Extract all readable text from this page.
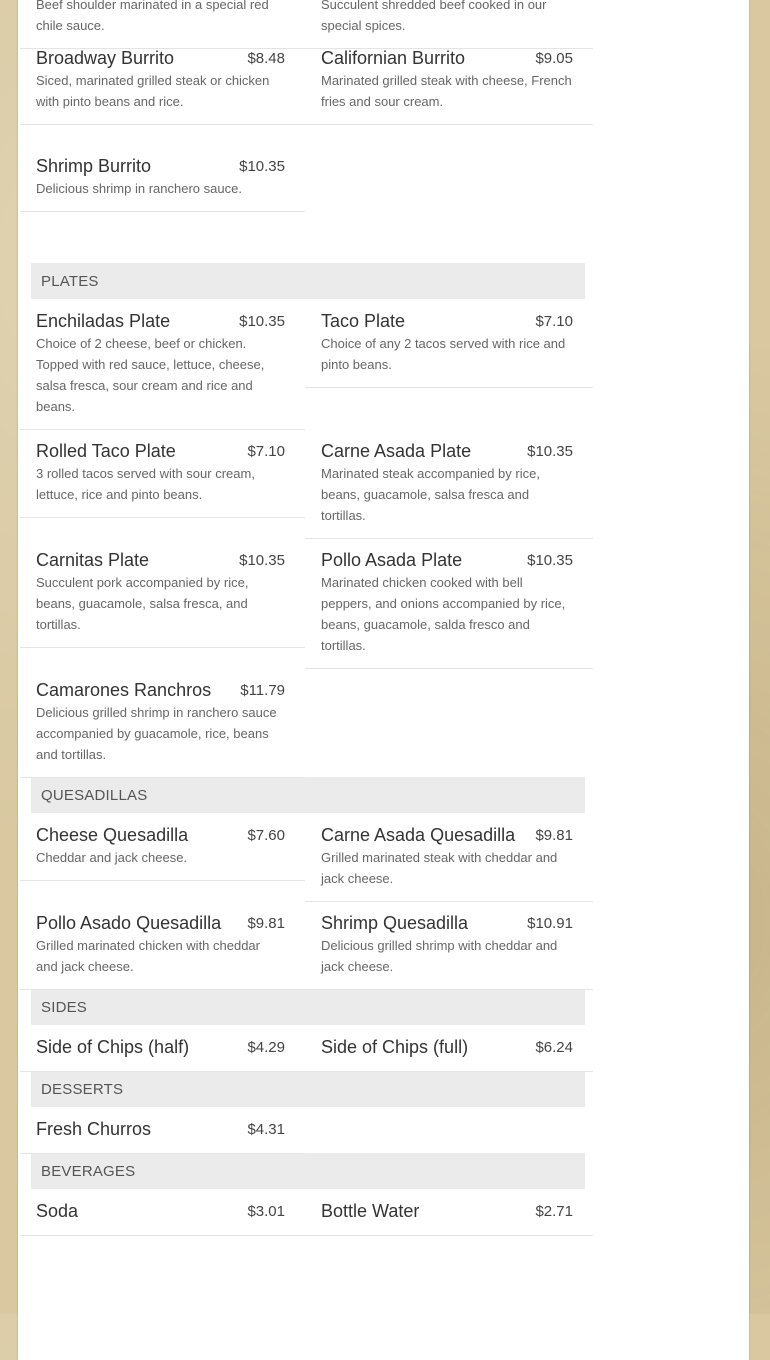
Beef shoulder marinated in a special red chile sauce.
Succulent shredded beef cooked in our special spices.
Broadway Burrito	$8.48
Siced, marinated grilled steak or chicken with pinto beans and rice.
Californian Burrito	$9.05
Marinated grilled steak with cheese, French fries and sour cream.
Shrimp Burrito	$10.35
Delicious shrimp in ranchero sauce.
PLATES
Enchiladas Plate	$10.35
Choice of 2 cheese, beef or chicken. Topped with red sauce, lettuce, cheese, salsa fresca, sour cream and rice and beans.
Taco Plate	$7.10
Choice of any 2 tacos served with rice and pinto beans.
Rolled Taco Plate	$7.10
3 rolled tacos served with sour cream, lettuce, rice and pinto beans.
Carne Asada Plate	$10.35
Marinated steak accompanied by rice, beans, guacamole, salsa fresca and tortillas.
Carnitas Plate	$10.35
Succulent pork accompanied by rice, beans, guacamole, salsa fresca, and tortillas.
Pollo Asada Plate	$10.35
Marinated chicken cooked with bell peppers, and onions accompanied by rice, beans, guacamole, salda fresco and tortillas.
Camarones Ranchros	$11.79
Delicious grilled shrimp in ranchero sauce accompanied by guacamole, rice, beans and tortillas.
QUESADILLAS
Cheese Quesadilla	$7.60
Cheddar and jack cheese.
Carne Asada Quesadilla	$9.81
Grilled marinated steak with cheddar and jack cheese.
Pollo Asado Quesadilla	$9.81
Grilled marinated chicken with cheddar and jack cheese.
Shrimp Quesadilla	$10.91
Delicious grilled shrimp with cheddar and jack cheese.
SIDES
Side of Chips (half)	$4.29 Side of Chips (full)	$6.24
DESSERTS
Fresh Churros	$4.31
BEVERAGES
Soda	$3.01 Bottle Water	$2.71
